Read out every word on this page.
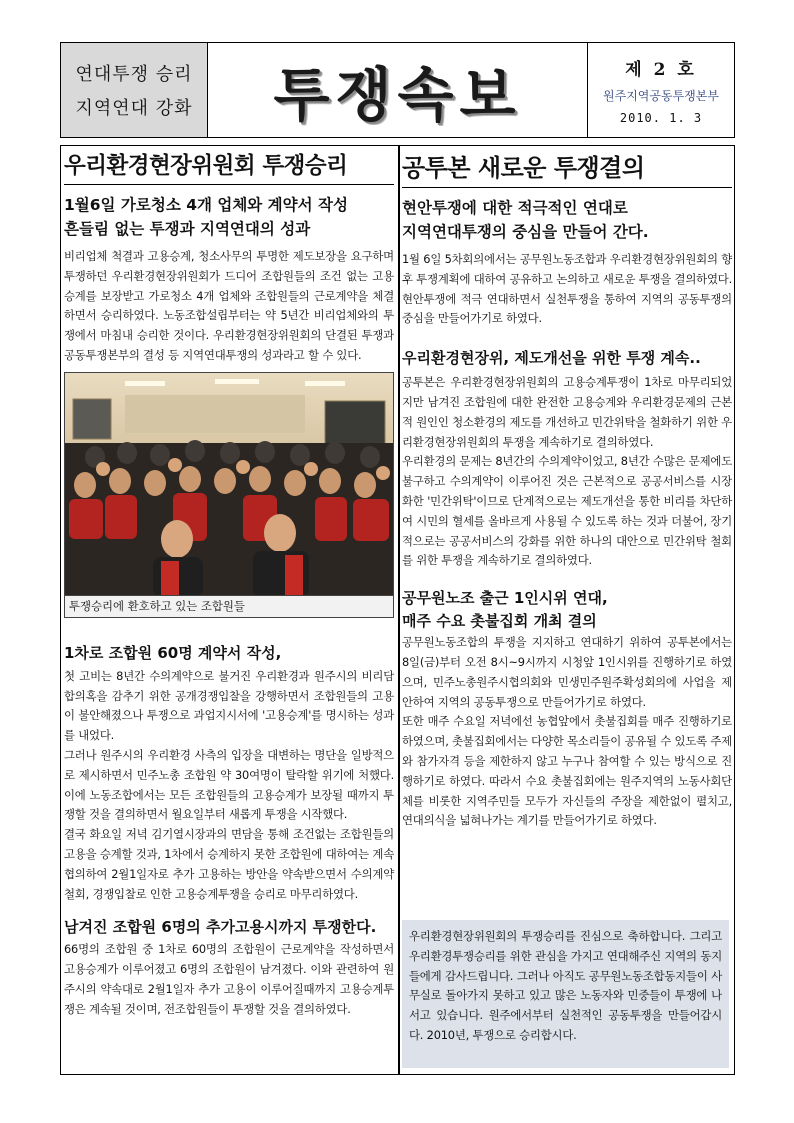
연대투쟁 승리
지역연대 강화 투쟁속보	제 2 호
원주지역공동투쟁본부
2010. 1. 3
우리환경현장위원회 투쟁승리
1월6일 가로청소 4개 업체와 계약서 작성
흔들림 없는 투쟁과 지역연대의 성과

비리업체 척결과 고용승계, 청소사무의 투명한 제도보장을 요구하며 투쟁하던 우리환경현장위원회가 드디어 조합원들의 조건 없는 고용승계를 보장받고 가로청소 4개 업체와 조합원들의 근로계약을 체결하면서 승리하였다. 노동조합설립부터는 약 5년간 비리업체와의 투쟁에서 마침내 승리한 것이다. 우리환경현장위원회의 단결된 투쟁과 공동투쟁본부의 결성 등 지역연대투쟁의 성과라고 할 수 있다.

투쟁승리에 환호하고 있는 조합원들
1차로 조합원 60명 계약서 작성,

첫 고비는 8년간 수의계약으로 불거진 우리환경과 원주시의 비리담합의혹을 감추기 위한 공개경쟁입찰을 강행하면서 조합원들의 고용이 불안해졌으나 투쟁으로 과업지시서에 '고용승계'를 명시하는 성과를 내었다.

그러나 원주시의 우리환경 사측의 입장을 대변하는 명단을 일방적으로 제시하면서 민주노총 조합원 약 30여명이 탈락할 위기에 처했다. 이에 노동조합에서는 모든 조합원들의 고용승계가 보장될 때까지 투쟁할 것을 결의하면서 월요일부터 새롭게 투쟁을 시작했다.

결국 화요일 저녁 김기열시장과의 면담을 통해 조건없는 조합원들의 고용을 승계할 것과, 1차에서 승계하지 못한 조합원에 대하여는 계속 협의하여 2월1일자로 추가 고용하는 방안을 약속받으면서 수의계약철회, 경쟁입찰로 인한 고용승계투쟁을 승리로 마무리하였다.

남겨진 조합원 6명의 추가고용시까지 투쟁한다.

66명의 조합원 중 1차로 60명의 조합원이 근로계약을 작성하면서 고용승계가 이루어졌고 6명의 조합원이 남겨졌다. 이와 관련하여 원주시의 약속대로 2월1일자 추가 고용이 이루어질때까지 고용승계투쟁은 계속될 것이며, 전조합원들이 투쟁할 것을 결의하였다.

공투본 새로운 투쟁결의
현안투쟁에 대한 적극적인 연대로
지역연대투쟁의 중심을 만들어 간다.

1월 6일 5차회의에서는 공무원노동조합과 우리환경현장위원회의 향후 투쟁계획에 대하여 공유하고 논의하고 새로운 투쟁을 결의하였다. 현안투쟁에 적극 연대하면서 실천투쟁을 통하여 지역의 공동투쟁의 중심을 만들어가기로 하였다.

우리환경현장위, 제도개선을 위한 투쟁 계속..

공투본은 우리환경현장위원회의 고용승계투쟁이 1차로 마무리되었지만 남겨진 조합원에 대한 완전한 고용승계와 우리환경문제의 근본적 원인인 청소환경의 제도를 개선하고 민간위탁을 철화하기 위한 우리환경현장위원회의 투쟁을 계속하기로 결의하였다.

우리환경의 문제는 8년간의 수의계약이었고, 8년간 수많은 문제에도 불구하고 수의계약이 이루어진 것은 근본적으로 공공서비스를 시장화한 '민간위탁'이므로 단계적으로는 제도개선을 통한 비리를 차단하여 시민의 혈세를 올바르게 사용될 수 있도록 하는 것과 더불어, 장기적으로는 공공서비스의 강화를 위한 하나의 대안으로 민간위탁 철회를 위한 투쟁을 계속하기로 결의하였다.

공무원노조 출근 1인시위 연대,
매주 수요 촛불집회 개최 결의

공무원노동조합의 투쟁을 지지하고 연대하기 위하여 공투본에서는 8일(금)부터 오전 8시~9시까지 시청앞 1인시위를 진행하기로 하였으며, 민주노총원주시협의회와 민생민주원주확성회의에 사업을 제안하여 지역의 공동투쟁으로 만들어가기로 하였다.

또한 매주 수요일 저녁에선 농협앞에서 촛불집회를 매주 진행하기로 하였으며, 촛불집회에서는 다양한 목소리들이 공유될 수 있도록 주제와 참가자격 등을 제한하지 않고 누구나 참여할 수 있는 방식으로 진행하기로 하였다. 따라서 수요 촛불집회에는 원주지역의 노동사회단체를 비롯한 지역주민들 모두가 자신들의 주장을 제한없이 펼치고, 연대의식을 넓혀나가는 계기를 만들어가기로 하였다.

우리환경현장위원회의 투쟁승리를 진심으로 축하합니다. 그리고 우리환경투쟁승리를 위한 관심을 가지고 연대해주신 지역의 동지들에게 감사드립니다. 그러나 아직도 공무원노동조합동지들이 사무실로 돌아가지 못하고 있고 많은 노동자와 민중들이 투쟁에 나서고 있습니다. 원주에서부터 실천적인 공동투쟁을 만들어갑시다. 2010년, 투쟁으로 승리합시다.
